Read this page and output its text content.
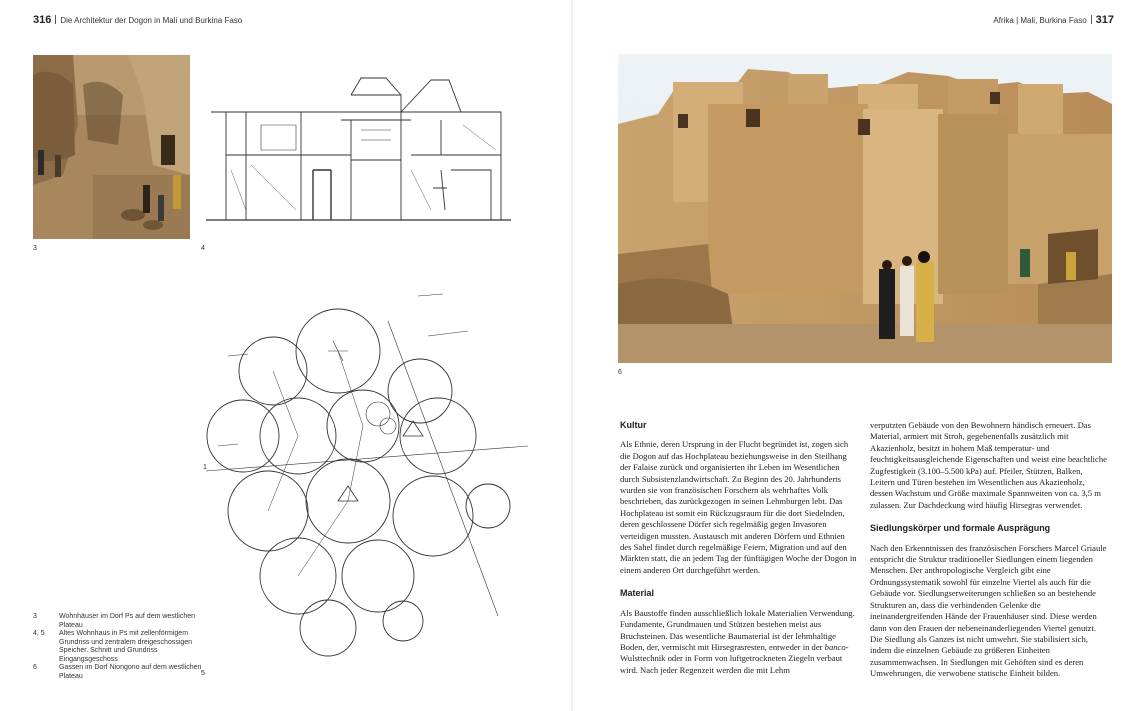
316 Die Architektur der Dogon in Mali und Burkina Faso
3	4
1
5
3	Wohnhäuser im Dorf Ps auf dem westlichen Plateau
4, 5	Altes Wohnhaus in Ps mit zellenförmigem Grundriss und zentralem dreigeschossigen Speicher. Schnitt und Grundriss Eingangsgeschoss
6	Gassen im Dorf Niongono auf dem westlichen Plateau
Afrika | Mali, Burkina Faso 317
6
Kultur

Als Ethnie, deren Ursprung in der Flucht begründet ist, zogen sich die Dogon auf das Hochplateau beziehungsweise in den Steilhang der Falaise zurück und organisierten ihr Leben im Wesentlichen durch Subsistenzlandwirtschaft. Zu Beginn des 20. Jahrhunderts wurden sie von französischen Forschern als wehrhaftes Volk beschrieben, das zurückgezogen in seinen Lehmburgen lebt. Das Hochplateau ist somit ein Rückzugsraum für die dort Siedelnden, deren geschlossene Dörfer sich regelmäßig gegen Invasoren verteidigen mussten. Austausch mit anderen Dörfern und Ethnien des Sahel findet durch regelmäßige Feiern, Migration und auf den Märkten statt, die an jedem Tag der fünftägigen Woche der Dogon in einem anderen Ort durchgeführt werden.

Material

Als Baustoffe finden ausschließlich lokale Materialien Verwendung. Fundamente, Grundmauen und Stützen bestehen meist aus Bruchsteinen. Das wesentliche Baumaterial ist der lehmhaltige Boden, der, vermischt mit Hirsegrasresten, entweder in der banco-Wulsttechnik oder in Form von luftgetrockneten Ziegeln verbaut wird. Nach jeder Regenzeit werden die mit Lehm

verputzten Gebäude von den Bewohnern händisch erneuert. Das Material, armiert mit Stroh, gegebenenfalls zusätzlich mit Akazienholz, besitzt in hohem Maß temperatur- und feuchtigkeitsausgleichende Eigenschaften und weist eine beachtliche Zugfestigkeit (3.100–5.500 kPa) auf. Pfeiler, Stützen, Balken, Leitern und Türen bestehen im Wesentlichen aus Akazienholz, dessen Wachstum und Größe maximale Spannweiten von ca. 3,5 m zulassen. Zur Dachdeckung wird häufig Hirsegras verwendet.

Siedlungskörper und formale Ausprägung

Nach den Erkenntnissen des französischen Forschers Marcel Griaule entspricht die Struktur traditioneller Siedlungen einem liegenden Menschen. Der anthropologische Vergleich gibt eine Ordnungssystematik sowohl für einzelne Viertel als auch für die Gebäude vor. Siedlungserweiterungen schließen so an bestehende Strukturen an, dass die verbindenden Gelenke die ineinandergreifenden Hände der Frauenhäuser sind. Diese werden dann von den Frauen der nebeneinanderliegenden Viertel genutzt. Die Siedlung als Ganzes ist nicht umwehrt. Sie stabilisiert sich, indem die einzelnen Gebäude zu größeren Einheiten zusammenwachsen. In Siedlungen mit Gehöften sind es deren Umwehrungen, die verwobene statische Einheit bilden.
